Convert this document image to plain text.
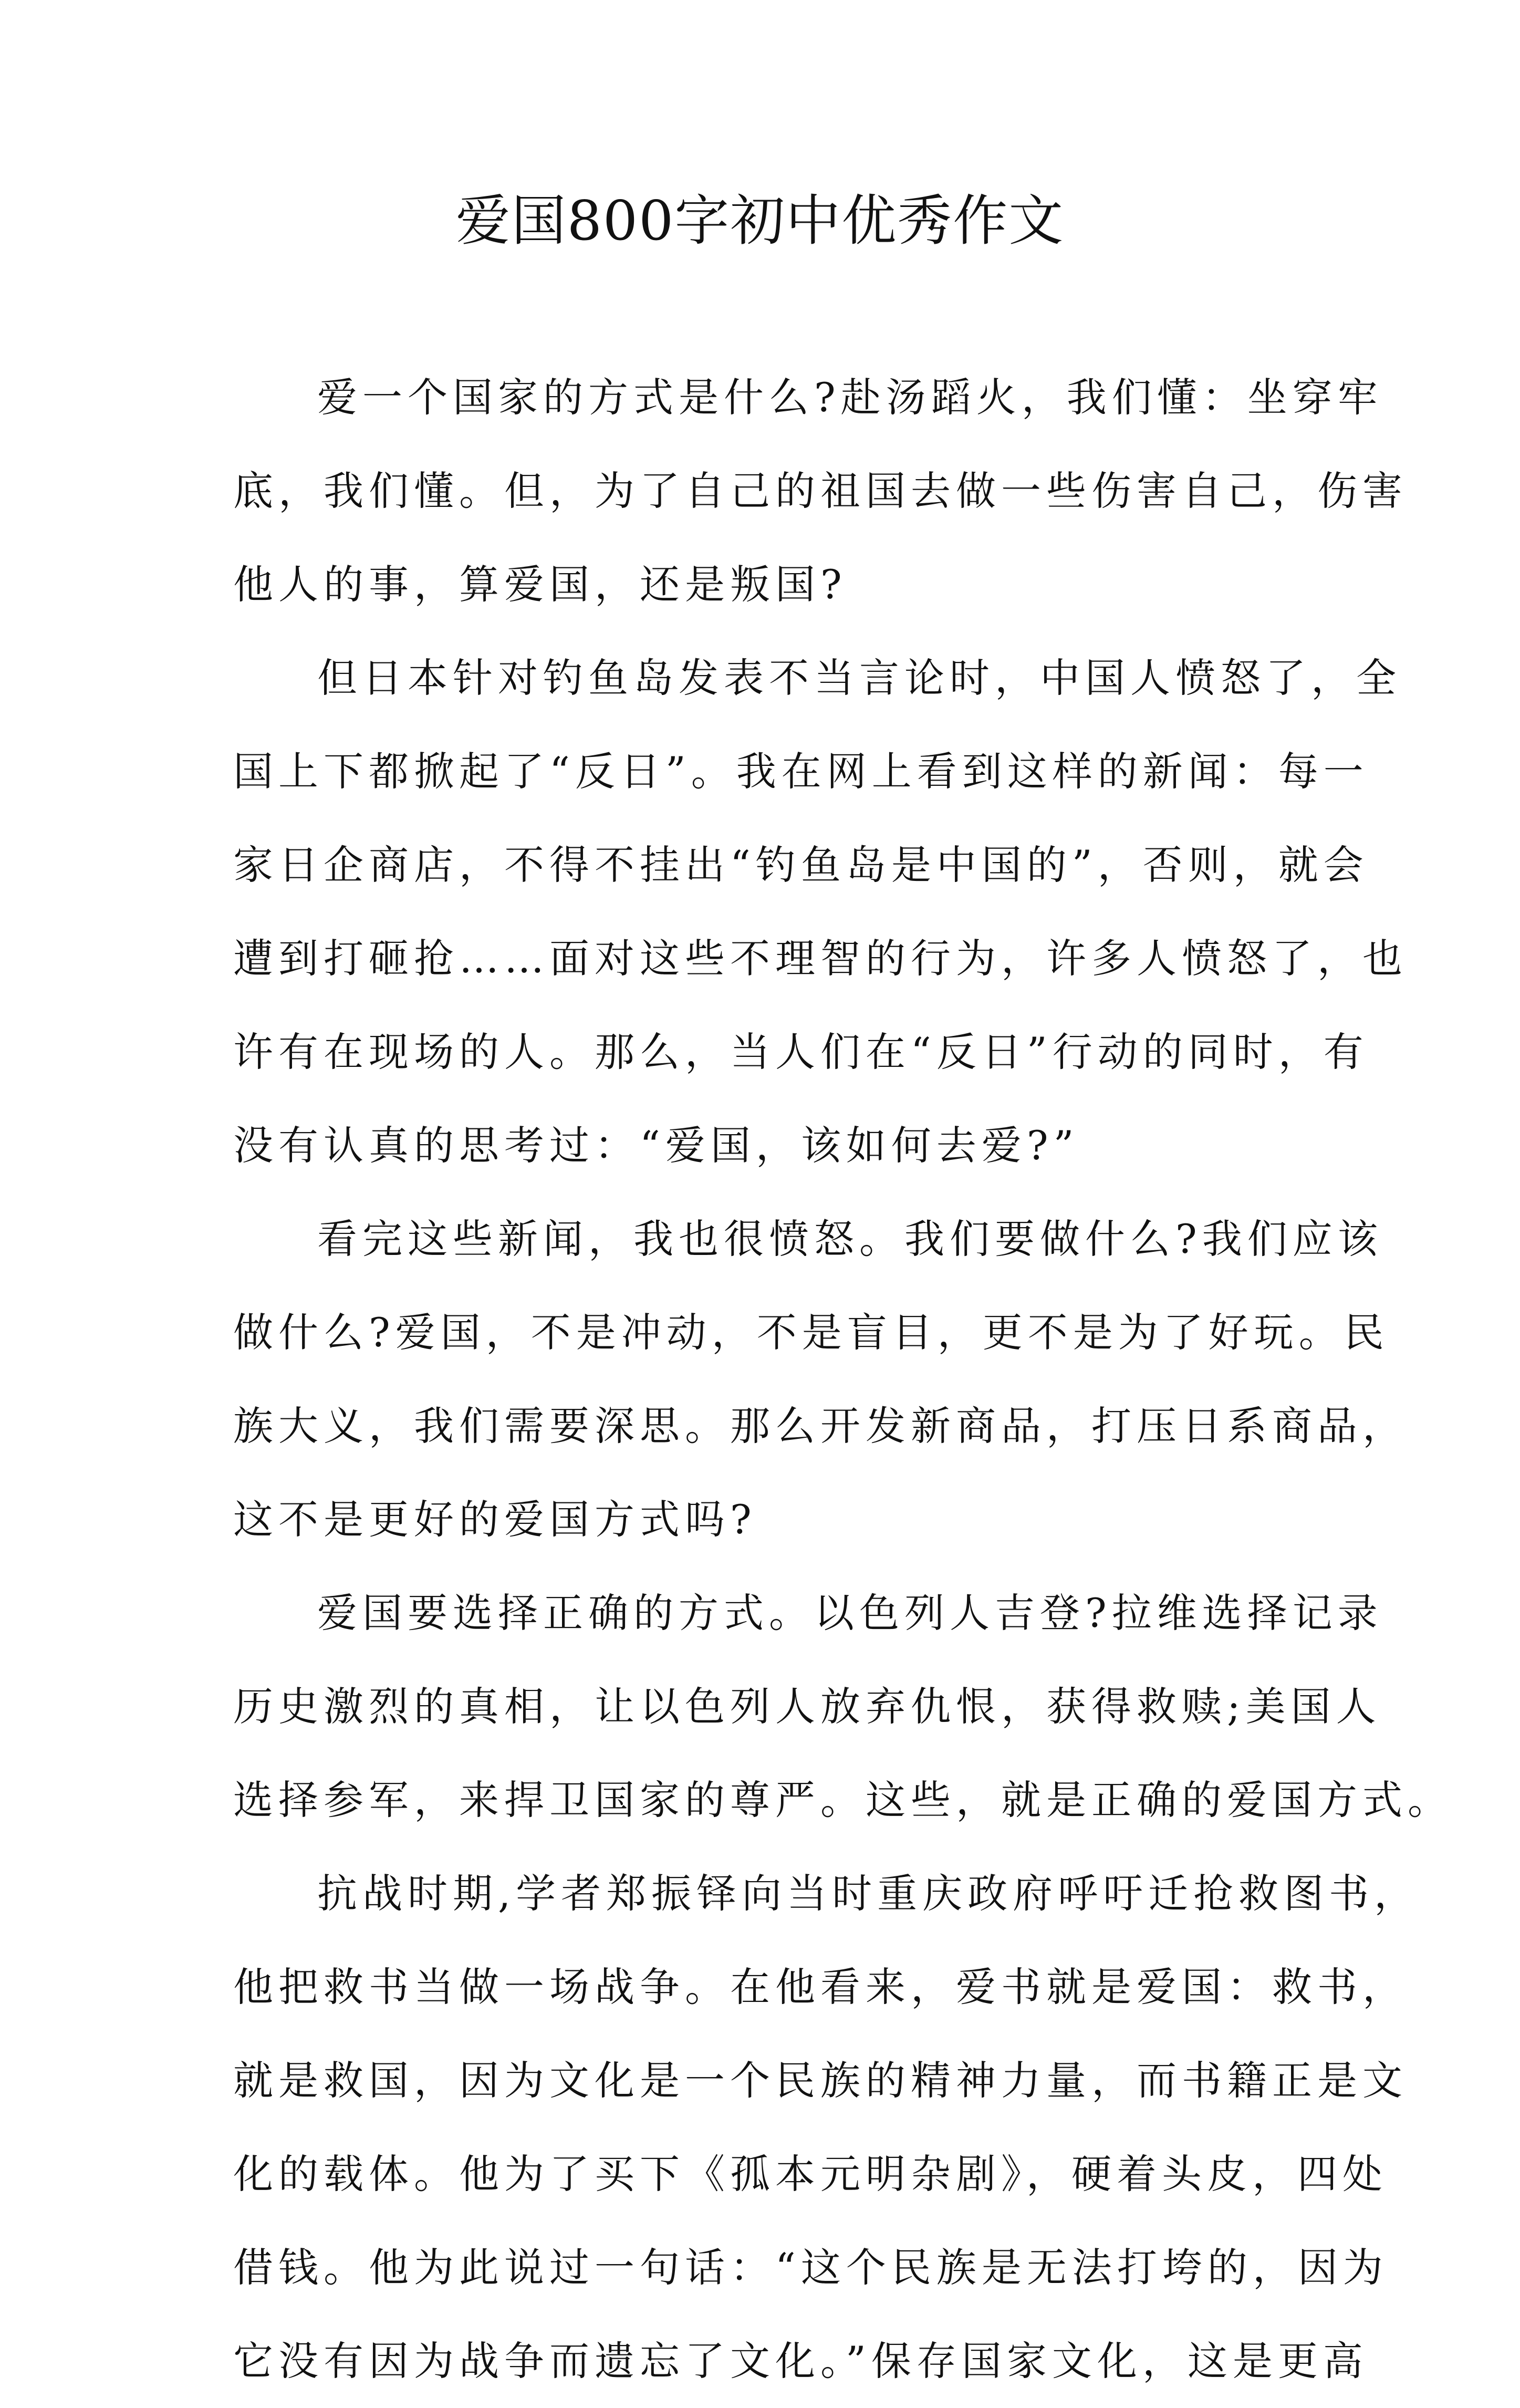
爱国800字初中优秀作文
爱一个国家的方式是什么?赴汤蹈火，我们懂：坐穿牢
底，我们懂。但，为了自己的祖国去做一些伤害自己，伤害
他人的事，算爱国，还是叛国?
但日本针对钓鱼岛发表不当言论时，中国人愤怒了，全
国上下都掀起了“反日”。我在网上看到这样的新闻：每一
家日企商店，不得不挂出“钓鱼岛是中国的”，否则，就会
遭到打砸抢……面对这些不理智的行为，许多人愤怒了，也
许有在现场的人。那么，当人们在“反日”行动的同时，有
没有认真的思考过：“爱国，该如何去爱?”
看完这些新闻，我也很愤怒。我们要做什么?我们应该
做什么?爱国，不是冲动，不是盲目，更不是为了好玩。民
族大义，我们需要深思。那么开发新商品，打压日系商品，
这不是更好的爱国方式吗?
爱国要选择正确的方式。以色列人吉登?拉维选择记录
历史激烈的真相，让以色列人放弃仇恨，获得救赎;美国人
选择参军，来捍卫国家的尊严。这些，就是正确的爱国方式。
抗战时期,学者郑振铎向当时重庆政府呼吁迁抢救图书，
他把救书当做一场战争。在他看来，爱书就是爱国：救书，
就是救国，因为文化是一个民族的精神力量，而书籍正是文
化的载体。他为了买下《孤本元明杂剧》，硬着头皮，四处
借钱。他为此说过一句话：“这个民族是无法打垮的，因为
它没有因为战争而遗忘了文化。”保存国家文化，这是更高
